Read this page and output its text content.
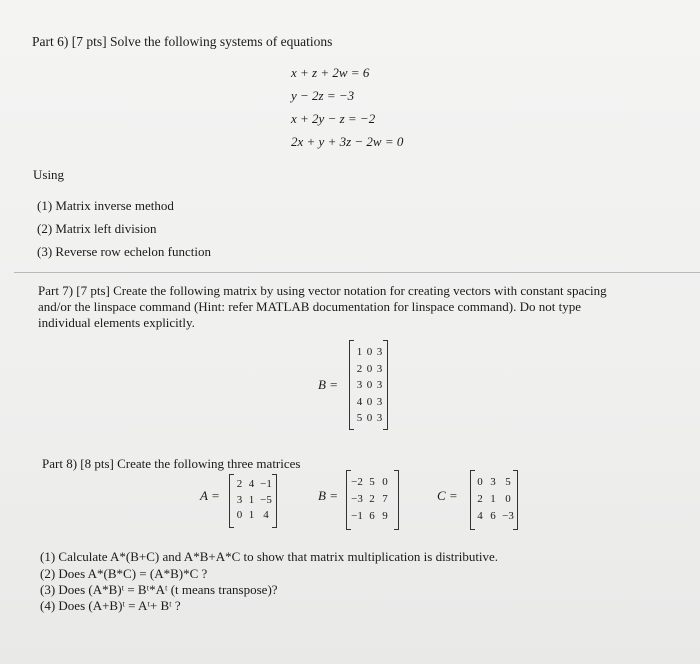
Part 6) [7 pts] Solve the following systems of equations
x + z + 2w = 6
y − 2z = −3
x + 2y − z = −2
2x + y + 3z − 2w = 0
Using
(1) Matrix inverse method
(2) Matrix left division
(3) Reverse row echelon function
Part 7) [7 pts] Create the following matrix by using vector notation for creating vectors with constant spacing
and/or the linspace command (Hint: refer MATLAB documentation for linspace command). Do not type
individual elements explicitly.
B =
1 0 3
2 0 3
3 0 3
4 0 3
5 0 3
Part 8) [8 pts] Create the following three matrices
A =
2 4 −1
3 1 −5
0 1 4
B =
−2 5 0
−3 2 7
−1 6 9
C =
0 3 5
2 1 0
4 6 −3
(1) Calculate A*(B+C) and A*B+A*C to show that matrix multiplication is distributive.
(2) Does A*(B*C) = (A*B)*C ?
(3) Does (A*B)ᵗ = Bᵗ*Aᵗ (t means transpose)?
(4) Does (A+B)ᵗ = Aᵗ+ Bᵗ ?
